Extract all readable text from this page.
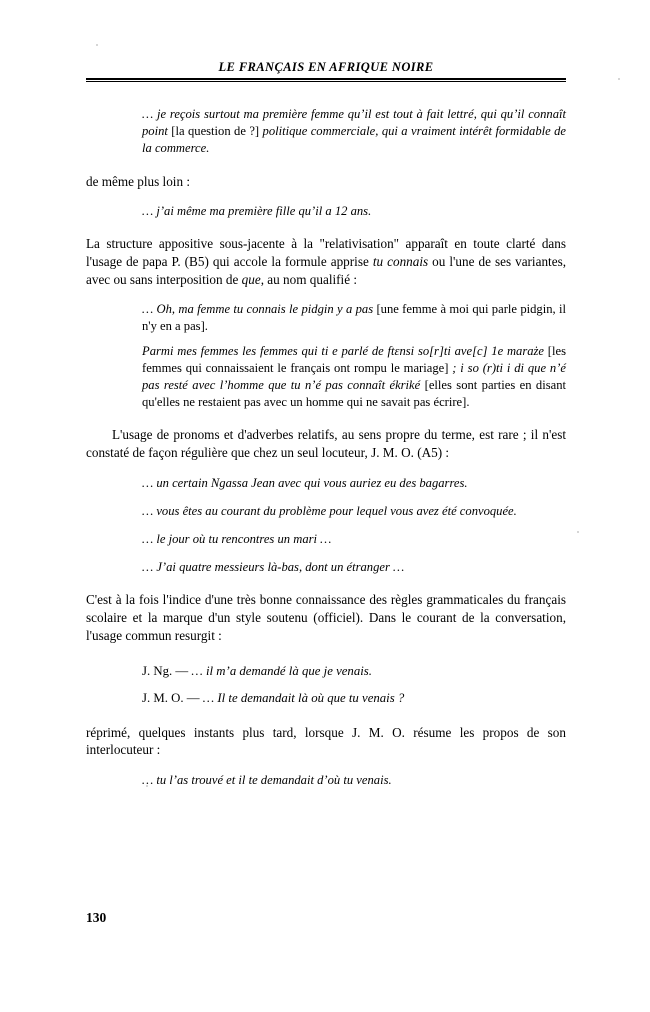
LE FRANÇAIS EN AFRIQUE NOIRE
… je reçois surtout ma première femme qu’il est tout à fait lettré, qui qu’il connaît point [la question de ?] politique commerciale, qui a vraiment intérêt formidable de la commerce.

de même plus loin :

… j’ai même ma première fille qu’il a 12 ans.

La structure appositive sous-jacente à la "relativisation" apparaît en toute clarté dans l'usage de papa P. (B5) qui accole la formule apprise tu connais ou l'une de ses variantes, avec ou sans interposition de que, au nom qualifié :

… Oh, ma femme tu connais le pidgin y a pas [une femme à moi qui parle pidgin, il n'y en a pas].
Parmi mes femmes les femmes qui ti e parlé de ftɛnsi so[r]ti ave[c] 1e maraże [les femmes qui connaissaient le français ont rompu le mariage] ; i so (r)ti i di que n’é pas resté avec l’homme que tu n’é pas connaît ékriké [elles sont parties en disant qu'elles ne restaient pas avec un homme qui ne savait pas écrire].

L'usage de pronoms et d'adverbes relatifs, au sens propre du terme, est rare ; il n'est constaté de façon régulière que chez un seul locuteur, J. M. O. (A5) :

… un certain Ngassa Jean avec qui vous auriez eu des bagarres.
… vous êtes au courant du problème pour lequel vous avez été convoquée.
… le jour où tu rencontres un mari …
… J’ai quatre messieurs là-bas, dont un étranger …

C'est à la fois l'indice d'une très bonne connaissance des règles grammaticales du français scolaire et la marque d'un style soutenu (officiel). Dans le courant de la conversation, l'usage commun resurgit :

J. Ng. — … il m’a demandé là que je venais.
J. M. O. — … Il te demandait là où que tu venais ?

réprimé, quelques instants plus tard, lorsque J. M. O. résume les propos de son interlocuteur :

… tu l’as trouvé et il te demandait d’où tu venais.
130
